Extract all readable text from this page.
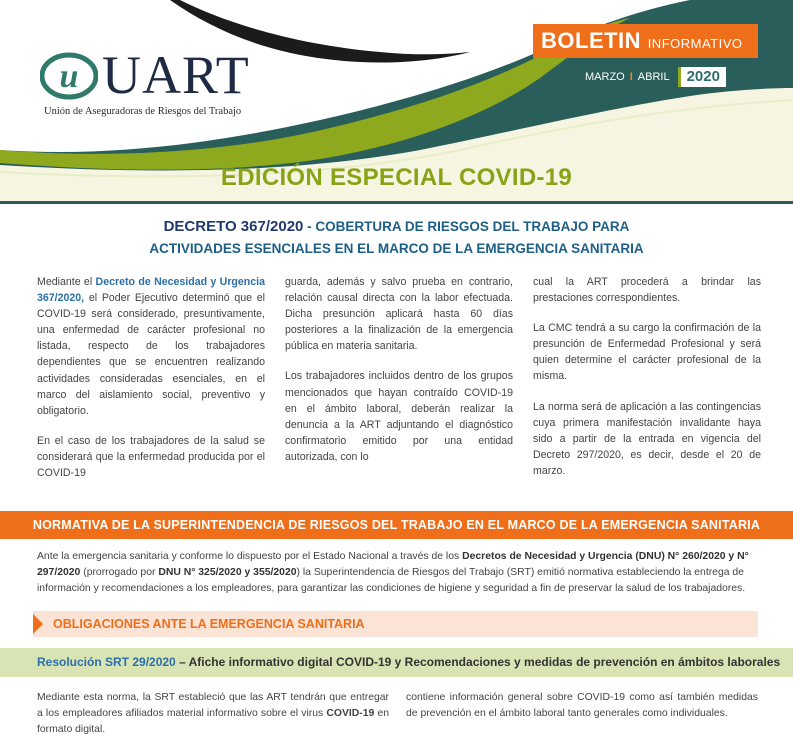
u UART
Unión de Aseguradoras de Riesgos del Trabajo
BOLETIN INFORMATIVO
MARZO I ABRIL	2020
EDICIÓN ESPECIAL COVID-19
DECRETO 367/2020 - COBERTURA DE RIESGOS DEL TRABAJO PARA
ACTIVIDADES ESENCIALES EN EL MARCO DE LA EMERGENCIA SANITARIA

Mediante el Decreto de Necesidad y Urgencia 367/2020, el Poder Ejecutivo determinó que el COVID-19 será considerado, presuntivamente, una enfermedad de carácter profesional no listada, respecto de los trabajadores dependientes que se encuentren realizando actividades consideradas esenciales, en el marco del aislamiento social, preventivo y obligatorio.

En el caso de los trabajadores de la salud se considerará que la enfermedad producida por el COVID-19

guarda, además y salvo prueba en contrario, relación causal directa con la labor efectuada. Dicha presunción aplicará hasta 60 días posteriores a la finalización de la emergencia pública en materia sanitaria.

Los trabajadores incluidos dentro de los grupos mencionados que hayan contraído COVID-19 en el ámbito laboral, deberán realizar la denuncia a la ART adjuntando el diagnóstico confirmatorio emitido por una entidad autorizada, con lo

cual la ART procederá a brindar las prestaciones correspondientes.

La CMC tendrá a su cargo la confirmación de la presunción de Enfermedad Profesional y será quien determine el carácter profesional de la misma.

La norma será de aplicación a las contingencias cuya primera manifestación invalidante haya sido a partir de la entrada en vigencia del Decreto 297/2020, es decir, desde el 20 de marzo.

NORMATIVA DE LA SUPERINTENDENCIA DE RIESGOS DEL TRABAJO EN EL MARCO DE LA EMERGENCIA SANITARIA
Ante la emergencia sanitaria y conforme lo dispuesto por el Estado Nacional a través de los Decretos de Necesidad y Urgencia (DNU) N° 260/2020 y N° 297/2020 (prorrogado por DNU N° 325/2020 y 355/2020) la Superintendencia de Riesgos del Trabajo (SRT) emitió normativa estableciendo la entrega de información y recomendaciones a los empleadores, para garantizar las condiciones de higiene y seguridad a fin de preservar la salud de los trabajadores.
OBLIGACIONES ANTE LA EMERGENCIA SANITARIA
Resolución SRT 29/2020 – Afiche informativo digital COVID-19 y Recomendaciones y medidas de prevención en ámbitos laborales
Mediante esta norma, la SRT estableció que las ART tendrán que entregar a los empleadores afiliados material informativo sobre el virus COVID-19 en formato digital.
contiene información general sobre COVID-19 como así también medidas de prevención en el ámbito laboral tanto generales como individuales.
